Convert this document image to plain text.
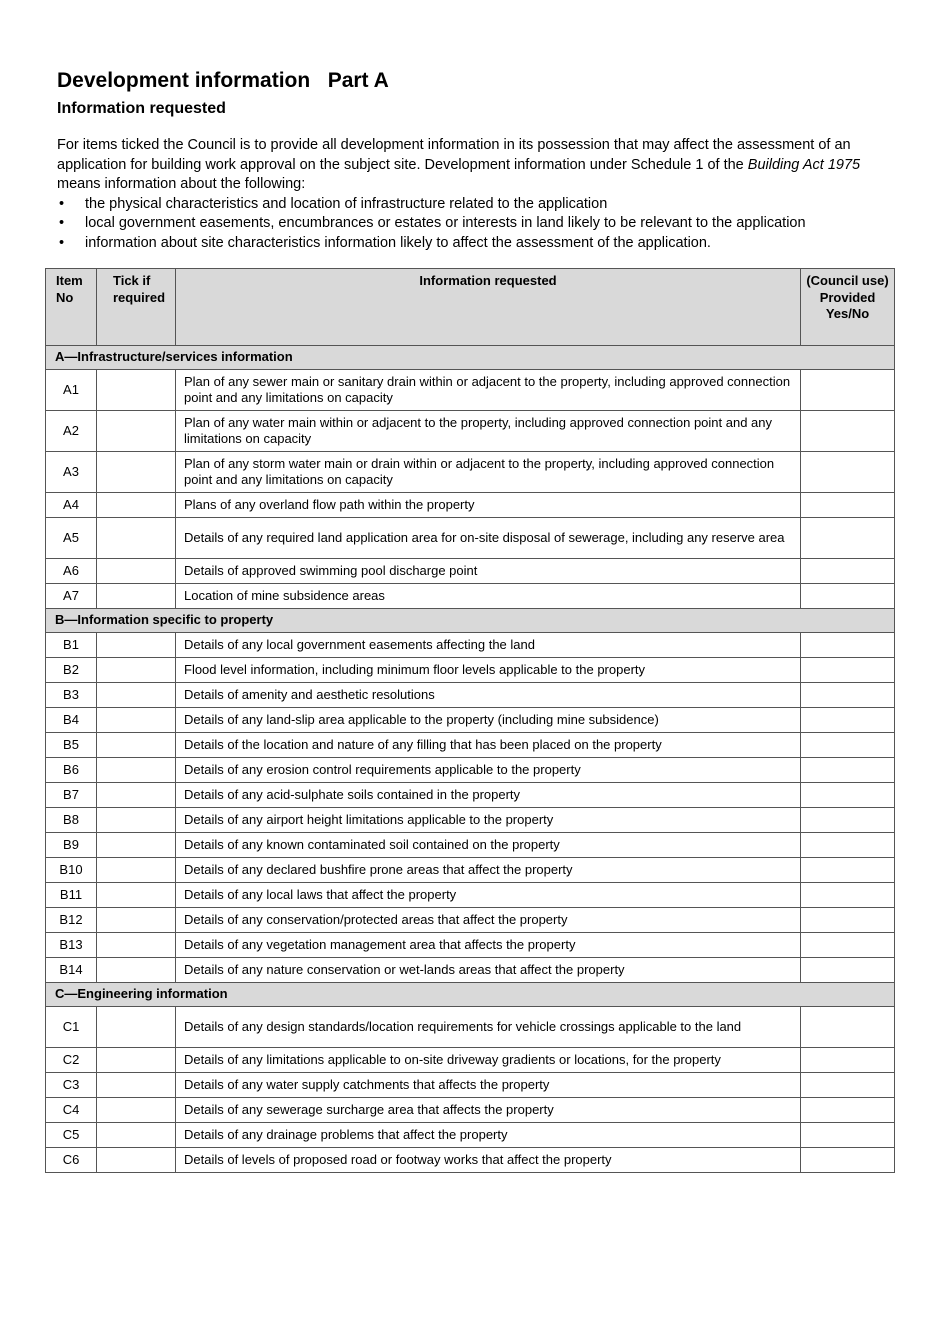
Development information   Part A
Information requested

For items ticked the Council is to provide all development information in its possession that may affect the assessment of an application for building work approval on the subject site. Development information under Schedule 1 of the Building Act 1975 means information about the following:

• the physical characteristics and location of infrastructure related to the application
• local government easements, encumbrances or estates or interests in land likely to be relevant to the application
• information about site characteristics information likely to affect the assessment of the application.
Item No	Tick if required	Information requested	(Council use) Provided Yes/No
A—Infrastructure/services information			
A1		Plan of any sewer main or sanitary drain within or adjacent to the property, including approved connection point and any limitations on capacity	
A2		Plan of any water main within or adjacent to the property, including approved connection point and any limitations on capacity	
A3		Plan of any storm water main or drain within or adjacent to the property, including approved connection point and any limitations on capacity	
A4		Plans of any overland flow path within the property	
A5		Details of any required land application area for on-site disposal of sewerage, including any reserve area	
A6		Details of approved swimming pool discharge point	
A7		Location of mine subsidence areas	
B—Information specific to property			
B1		Details of any local government easements affecting the land	
B2		Flood level information, including minimum floor levels applicable to the property	
B3		Details of amenity and aesthetic resolutions	
B4		Details of any land-slip area applicable to the property (including mine subsidence)	
B5		Details of the location and nature of any filling that has been placed on the property	
B6		Details of any erosion control requirements applicable to the property	
B7		Details of any acid-sulphate soils contained in the property	
B8		Details of any airport height limitations applicable to the property	
B9		Details of any known contaminated soil contained on the property	
B10		Details of any declared bushfire prone areas that affect the property	
B11		Details of any local laws that affect the property	
B12		Details of any conservation/protected areas that affect the property	
B13		Details of any vegetation management area that affects the property	
B14		Details of any nature conservation or wet-lands areas that affect the property	
C—Engineering information			
C1		Details of any design standards/location requirements for vehicle crossings applicable to the land	
C2		Details of any limitations applicable to on-site driveway gradients or locations, for the property	
C3		Details of any water supply catchments that affects the property	
C4		Details of any sewerage surcharge area that affects the property	
C5		Details of any drainage problems that affect the property	
C6		Details of levels of proposed road or footway works that affect the property	
